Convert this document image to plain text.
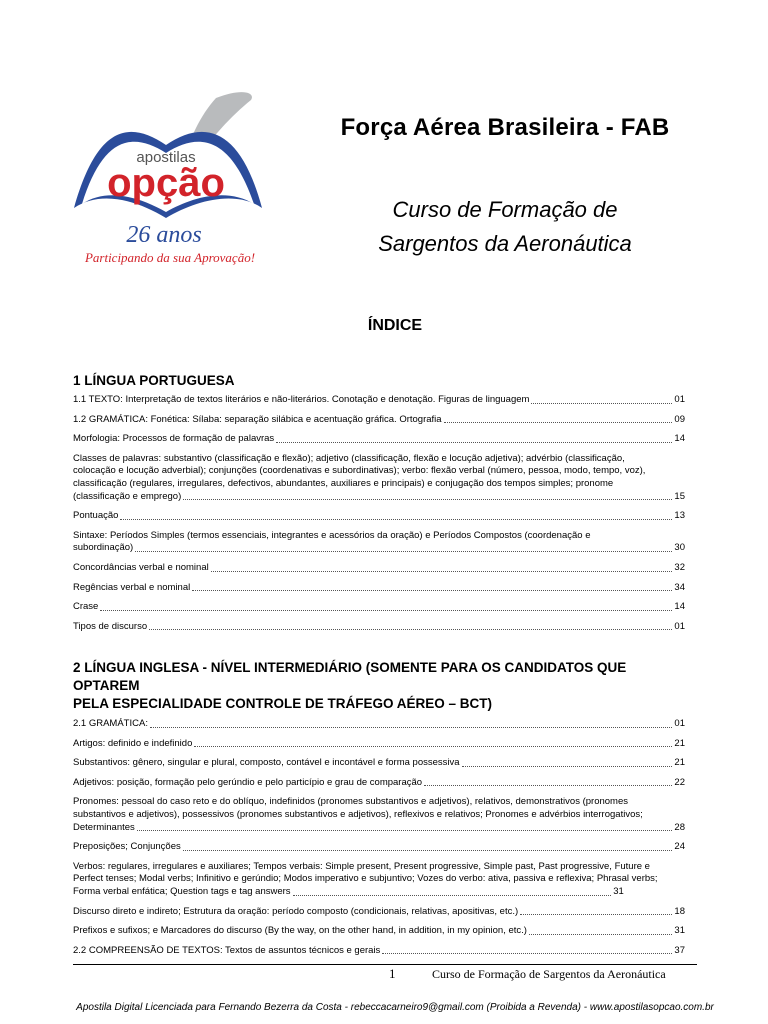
apostilas
opção
26 anos
Participando da sua Aprovação!
Força Aérea Brasileira - FAB
Curso de Formação de
Sargentos da Aeronáutica
ÍNDICE
1 LÍNGUA PORTUGUESA
1.1 TEXTO: Interpretação de textos literários e não-literários. Conotação e denotação. Figuras de linguagem	01
1.2 GRAMÁTICA: Fonética: Sílaba: separação silábica e acentuação gráfica. Ortografia	09
Morfologia: Processos de formação de palavras	14
Classes de palavras: substantivo (classificação e flexão); adjetivo (classificação, flexão e locução adjetiva); advérbio (classificação,
colocação e locução adverbial); conjunções (coordenativas e subordinativas); verbo: flexão verbal (número, pessoa, modo, tempo, voz),
classificação (regulares, irregulares, defectivos, abundantes, auxiliares e principais) e conjugação dos tempos simples; pronome
(classificação e emprego)	15
Pontuação	13
Sintaxe: Períodos Simples (termos essenciais, integrantes e acessórios da oração) e Períodos Compostos (coordenação e
subordinação)	30
Concordâncias verbal e nominal	32
Regências verbal e nominal	34
Crase	14
Tipos de discurso	01
2 LÍNGUA INGLESA - NÍVEL INTERMEDIÁRIO (SOMENTE PARA OS CANDIDATOS QUE OPTAREM
PELA ESPECIALIDADE CONTROLE DE TRÁFEGO AÉREO – BCT)
2.1 GRAMÁTICA:	01
Artigos: definido e indefinido	21
Substantivos: gênero, singular e plural, composto, contável e incontável e forma possessiva	21
Adjetivos: posição, formação pelo gerúndio e pelo particípio e grau de comparação	22
Pronomes: pessoal do caso reto e do oblíquo, indefinidos (pronomes substantivos e adjetivos), relativos, demonstrativos (pronomes
substantivos e adjetivos), possessivos (pronomes substantivos e adjetivos), reflexivos e relativos; Pronomes e advérbios interrogativos;
Determinantes	28
Preposições; Conjunções	24
Verbos: regulares, irregulares e auxiliares; Tempos verbais: Simple present, Present progressive, Simple past, Past progressive, Future e
Perfect tenses; Modal verbs; Infinitivo e gerúndio; Modos imperativo e subjuntivo; Vozes do verbo: ativa, passiva e reflexiva; Phrasal verbs;
Forma verbal enfática; Question tags e tag answers	31
Discurso direto e indireto; Estrutura da oração: período composto (condicionais, relativas, apositivas, etc.)	18
Prefixos e sufixos; e Marcadores do discurso (By the way, on the other hand, in addition, in my opinion, etc.)	31
2.2 COMPREENSÃO DE TEXTOS: Textos de assuntos técnicos e gerais	37
1	Curso de Formação de Sargentos da Aeronáutica
Apostila Digital Licenciada para Fernando Bezerra da Costa - rebeccacarneiro9@gmail.com (Proibida a Revenda) - www.apostilasopcao.com.br
